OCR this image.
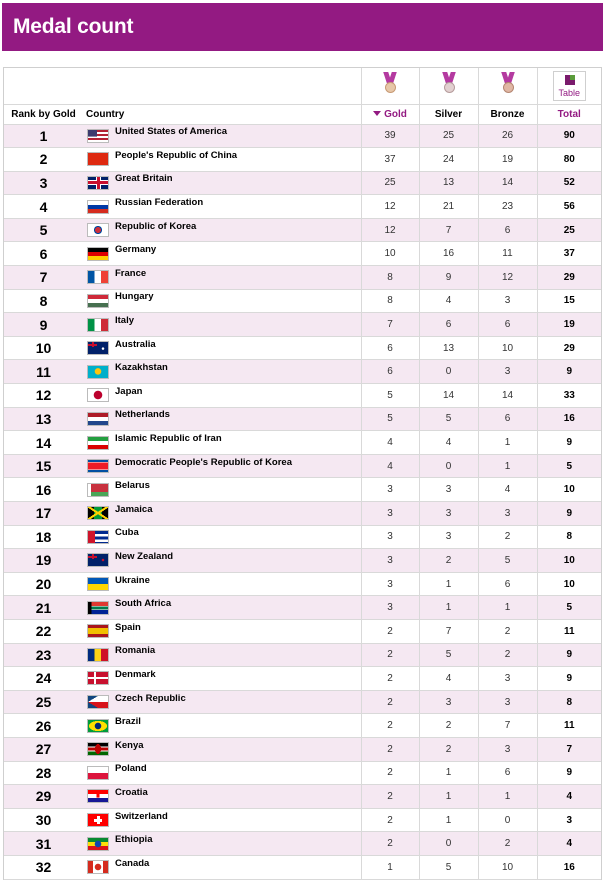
Medal count

					Table

Rank by Gold	Country	Gold	Silver	Bronze	Total
1	United States of America	39	25	26	90
2	People's Republic of China	37	24	19	80
3	Great Britain	25	13	14	52
4	Russian Federation	12	21	23	56
5	Republic of Korea	12	7	6	25
6	Germany	10	16	11	37
7	France	8	9	12	29
8	Hungary	8	4	3	15
9	Italy	7	6	6	19
10	Australia	6	13	10	29
11	Kazakhstan	6	0	3	9
12	Japan	5	14	14	33
13	Netherlands	5	5	6	16
14	Islamic Republic of Iran	4	4	1	9
15	Democratic People's Republic of Korea	4	0	1	5
16	Belarus	3	3	4	10
17	Jamaica	3	3	3	9
18	Cuba	3	3	2	8
19	New Zealand	3	2	5	10
20	Ukraine	3	1	6	10
21	South Africa	3	1	1	5
22	Spain	2	7	2	11
23	Romania	2	5	2	9
24	Denmark	2	4	3	9
25	Czech Republic	2	3	3	8
26	Brazil	2	2	7	11
27	Kenya	2	2	3	7
28	Poland	2	1	6	9
29	Croatia	2	1	1	4
30	Switzerland	2	1	0	3
31	Ethiopia	2	0	2	4
32	Canada	1	5	10	16
